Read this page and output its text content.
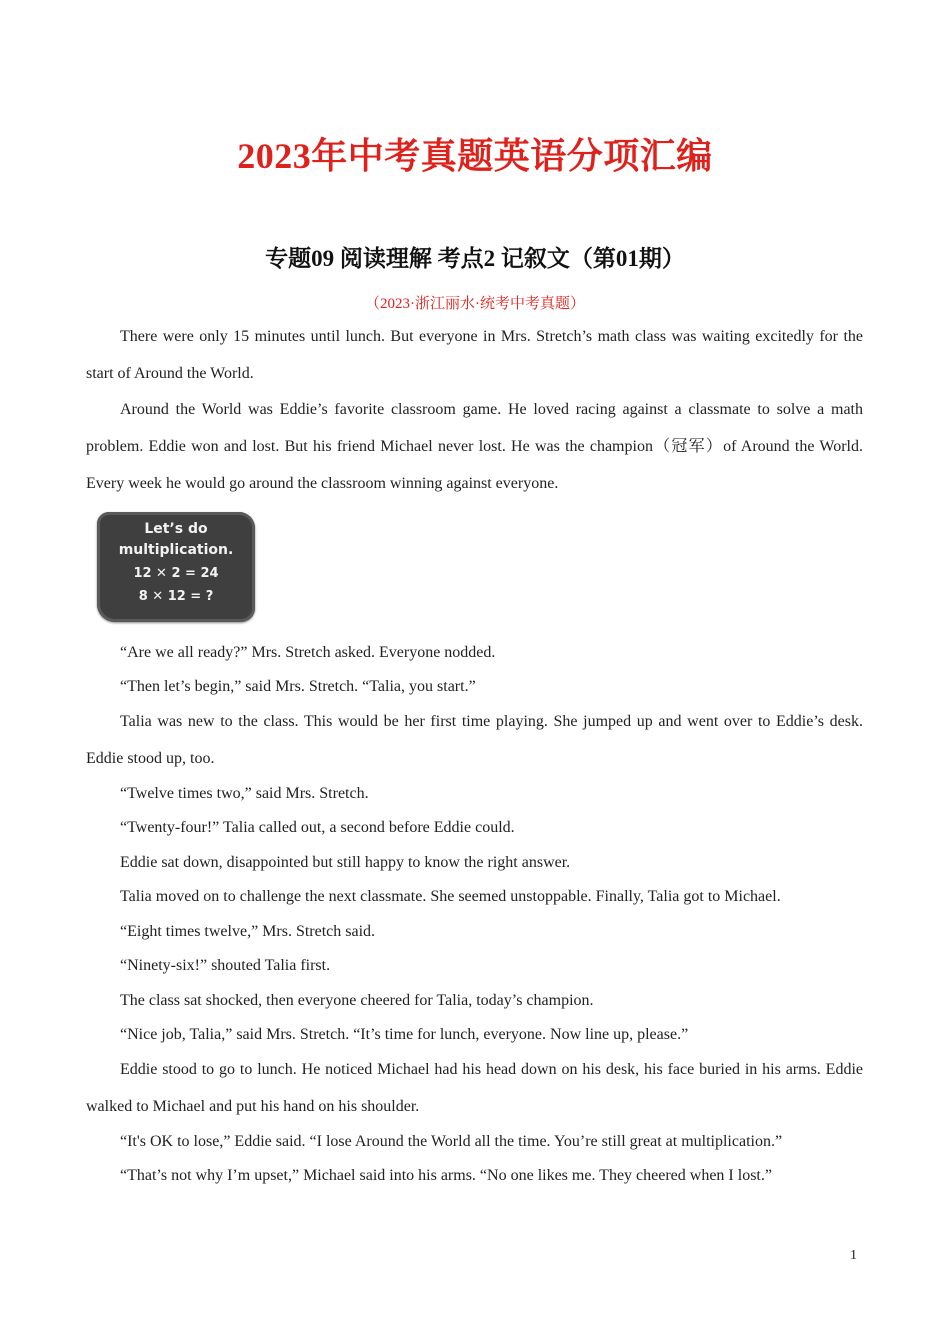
2023年中考真题英语分项汇编
专题09 阅读理解 考点2 记叙文（第01期）
（2023·浙江丽水·统考中考真题）

There were only 15 minutes until lunch. But everyone in Mrs. Stretch’s math class was waiting excitedly for the start of Around the World.

Around the World was Eddie’s favorite classroom game. He loved racing against a classmate to solve a math problem. Eddie won and lost. But his friend Michael never lost. He was the champion（冠军）of Around the World. Every week he would go around the classroom winning against everyone.

Let’s do
multiplication.
12 ✕ 2 = 24
8 ✕ 12 = ?

“Are we all ready?” Mrs. Stretch asked. Everyone nodded.

“Then let’s begin,” said Mrs. Stretch. “Talia, you start.”

Talia was new to the class. This would be her first time playing. She jumped up and went over to Eddie’s desk. Eddie stood up, too.

“Twelve times two,” said Mrs. Stretch.

“Twenty-four!” Talia called out, a second before Eddie could.

Eddie sat down, disappointed but still happy to know the right answer.

Talia moved on to challenge the next classmate. She seemed unstoppable. Finally, Talia got to Michael.

“Eight times twelve,” Mrs. Stretch said.

“Ninety-six!” shouted Talia first.

The class sat shocked, then everyone cheered for Talia, today’s champion.

“Nice job, Talia,” said Mrs. Stretch. “It’s time for lunch, everyone. Now line up, please.”

Eddie stood to go to lunch. He noticed Michael had his head down on his desk, his face buried in his arms. Eddie walked to Michael and put his hand on his shoulder.

“It's OK to lose,” Eddie said. “I lose Around the World all the time. You’re still great at multiplication.”

“That’s not why I’m upset,” Michael said into his arms. “No one likes me. They cheered when I lost.”

1
